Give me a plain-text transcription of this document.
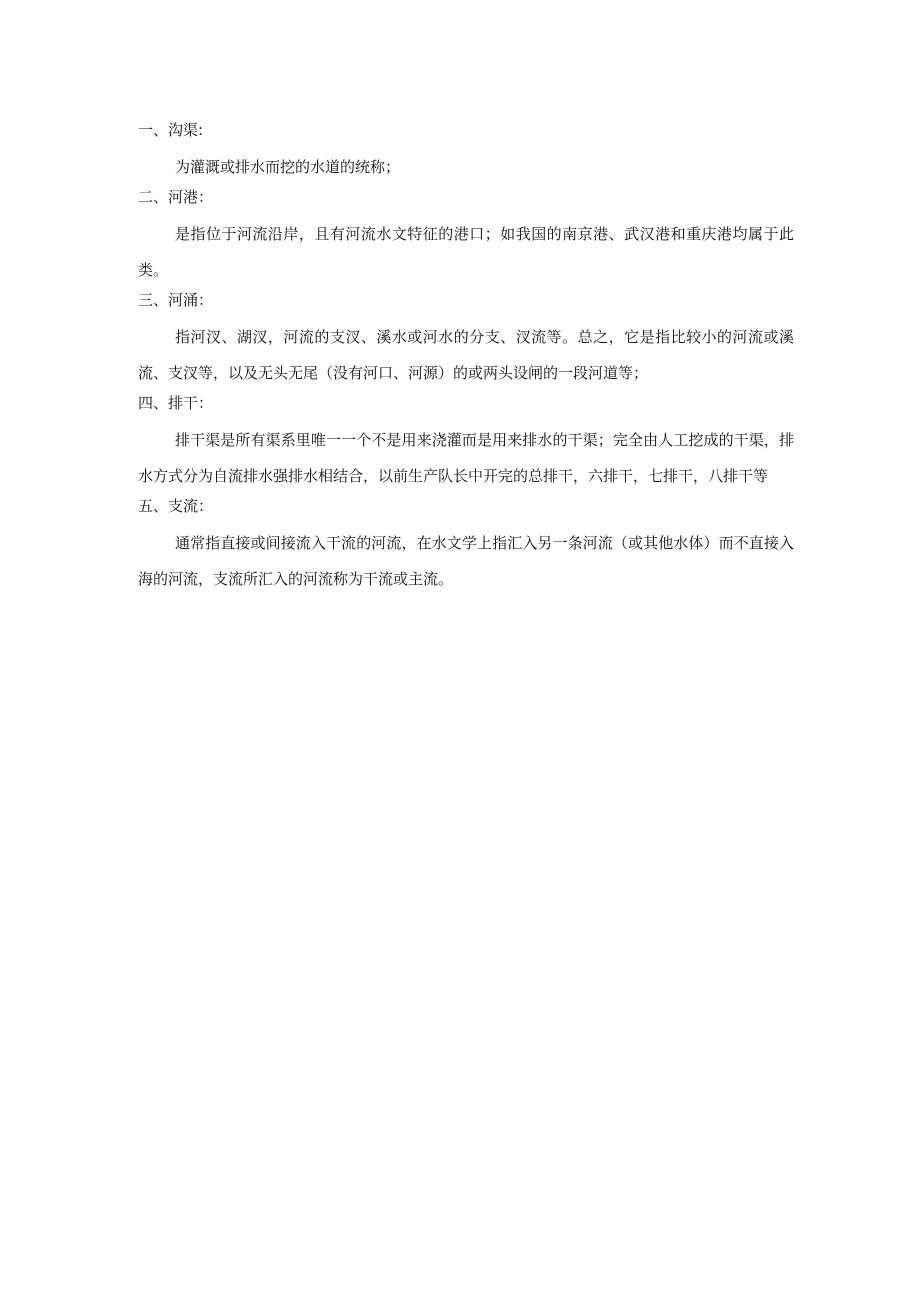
一、沟渠:

为灌溉或排水而挖的水道的统称；

二、河港：

是指位于河流沿岸，且有河流水文特征的港口；如我国的南京港、武汉港和重庆港均属于此类。

三、河涌：

指河汊、湖汊，河流的支汊、溪水或河水的分支、汊流等。总之，它是指比较小的河流或溪流、支汊等，以及无头无尾（没有河口、河源）的或两头设闸的一段河道等；

四、排干：

排干渠是所有渠系里唯一一个不是用来浇灌而是用来排水的干渠；完全由人工挖成的干渠，排水方式分为自流排水强排水相结合，以前生产队长中开完的总排干，六排干，七排干，八排干等

五、支流：

通常指直接或间接流入干流的河流，在水文学上指汇入另一条河流（或其他水体）而不直接入海的河流，支流所汇入的河流称为干流或主流。
